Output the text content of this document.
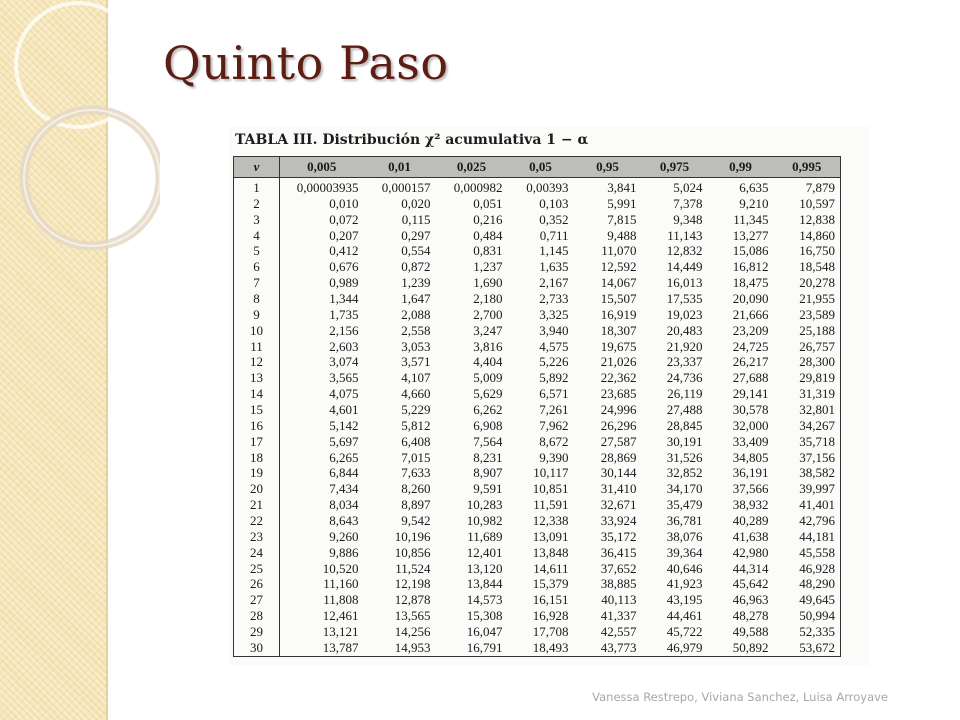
Quinto Paso
TABLA III. Distribución χ² acumulativa 1 − α
ν	0,005	0,01	0,025	0,05	0,95	0,975	0,99	0,995
1	0,00003935	0,000157	0,000982	0,00393	3,841	5,024	6,635	7,879
2	0,010	0,020	0,051	0,103	5,991	7,378	9,210	10,597
3	0,072	0,115	0,216	0,352	7,815	9,348	11,345	12,838
4	0,207	0,297	0,484	0,711	9,488	11,143	13,277	14,860
5	0,412	0,554	0,831	1,145	11,070	12,832	15,086	16,750
6	0,676	0,872	1,237	1,635	12,592	14,449	16,812	18,548
7	0,989	1,239	1,690	2,167	14,067	16,013	18,475	20,278
8	1,344	1,647	2,180	2,733	15,507	17,535	20,090	21,955
9	1,735	2,088	2,700	3,325	16,919	19,023	21,666	23,589
10	2,156	2,558	3,247	3,940	18,307	20,483	23,209	25,188
11	2,603	3,053	3,816	4,575	19,675	21,920	24,725	26,757
12	3,074	3,571	4,404	5,226	21,026	23,337	26,217	28,300
13	3,565	4,107	5,009	5,892	22,362	24,736	27,688	29,819
14	4,075	4,660	5,629	6,571	23,685	26,119	29,141	31,319
15	4,601	5,229	6,262	7,261	24,996	27,488	30,578	32,801
16	5,142	5,812	6,908	7,962	26,296	28,845	32,000	34,267
17	5,697	6,408	7,564	8,672	27,587	30,191	33,409	35,718
18	6,265	7,015	8,231	9,390	28,869	31,526	34,805	37,156
19	6,844	7,633	8,907	10,117	30,144	32,852	36,191	38,582
20	7,434	8,260	9,591	10,851	31,410	34,170	37,566	39,997
21	8,034	8,897	10,283	11,591	32,671	35,479	38,932	41,401
22	8,643	9,542	10,982	12,338	33,924	36,781	40,289	42,796
23	9,260	10,196	11,689	13,091	35,172	38,076	41,638	44,181
24	9,886	10,856	12,401	13,848	36,415	39,364	42,980	45,558
25	10,520	11,524	13,120	14,611	37,652	40,646	44,314	46,928
26	11,160	12,198	13,844	15,379	38,885	41,923	45,642	48,290
27	11,808	12,878	14,573	16,151	40,113	43,195	46,963	49,645
28	12,461	13,565	15,308	16,928	41,337	44,461	48,278	50,994
29	13,121	14,256	16,047	17,708	42,557	45,722	49,588	52,335
30	13,787	14,953	16,791	18,493	43,773	46,979	50,892	53,672
Vanessa Restrepo, Viviana Sanchez, Luisa Arroyave
